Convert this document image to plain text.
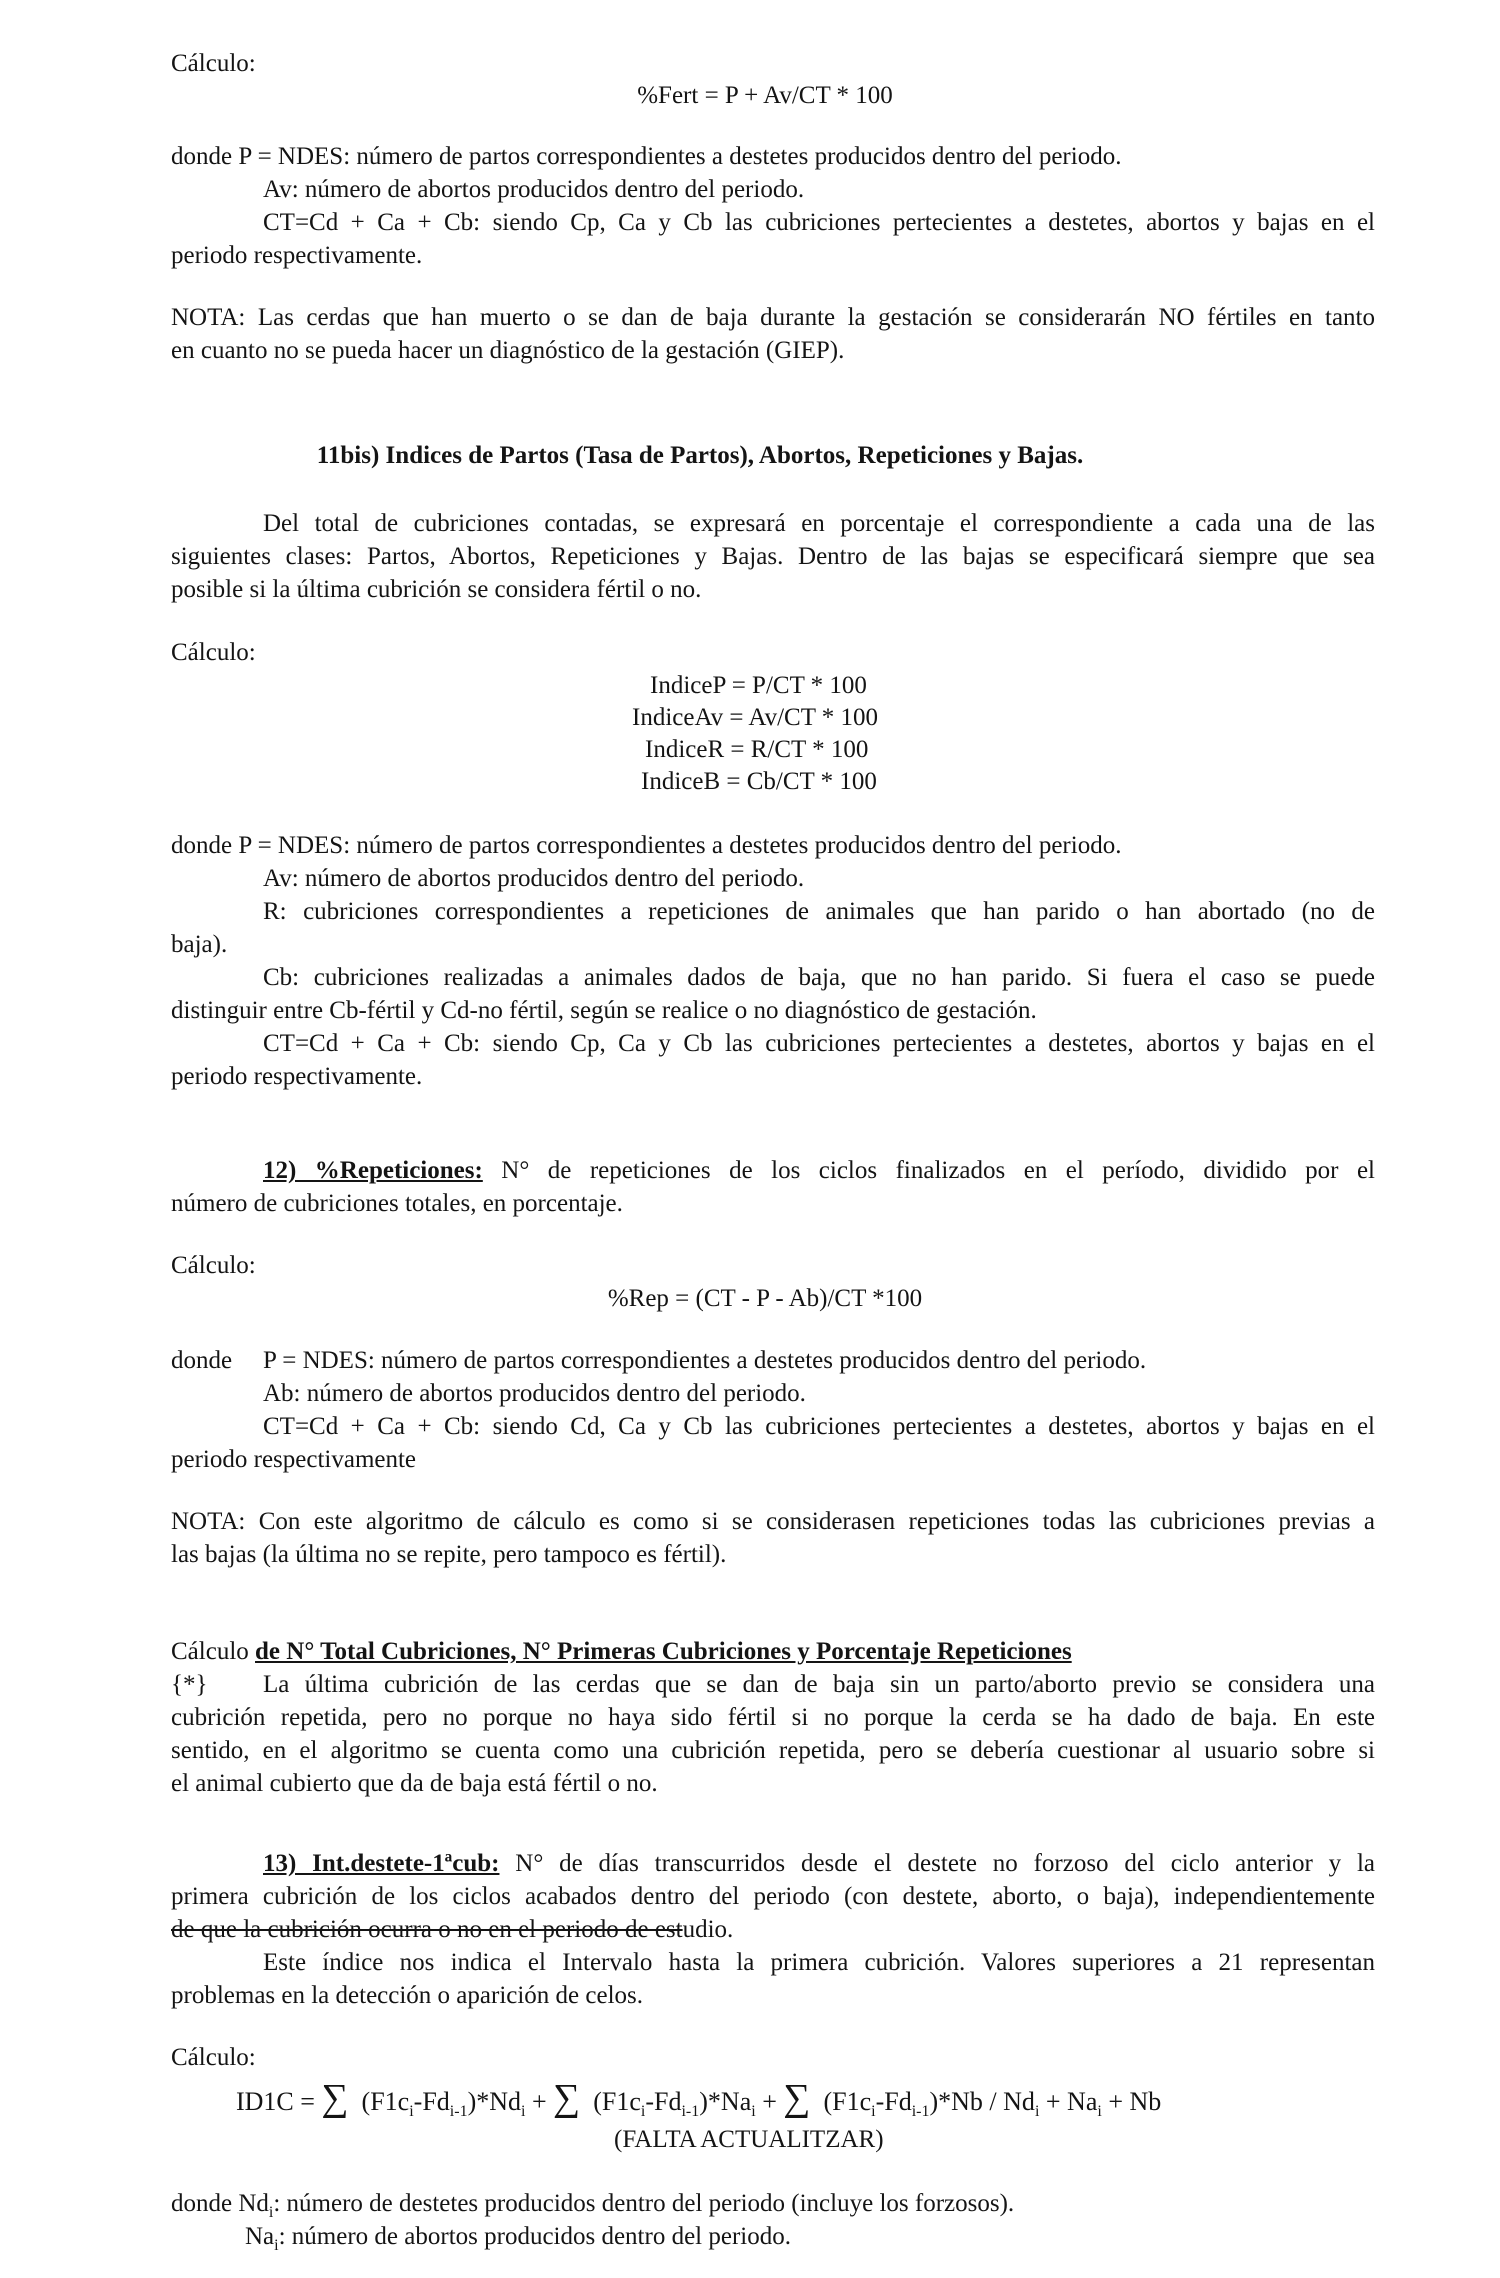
Cálculo:

%Fert = P + Av/CT * 100

donde P = NDES: número de partos correspondientes a destetes producidos dentro del periodo.

Av: número de abortos producidos dentro del periodo.

CT=Cd + Ca + Cb: siendo Cp, Ca y Cb las cubriciones pertecientes a destetes, abortos y bajas en el

periodo respectivamente.

NOTA: Las cerdas que han muerto o se dan de baja durante la gestación se considerarán NO fértiles en tanto

en cuanto no se pueda hacer un diagnóstico de la gestación (GIEP).

11bis) Indices de Partos (Tasa de Partos), Abortos, Repeticiones y Bajas.

Del total de cubriciones contadas, se expresará en porcentaje el correspondiente a cada una de las

siguientes clases: Partos, Abortos, Repeticiones y Bajas. Dentro de las bajas se especificará siempre que sea

posible si la última cubrición se considera fértil o no.

Cálculo:

IndiceP = P/CT * 100

IndiceAv = Av/CT * 100

IndiceR = R/CT * 100

IndiceB = Cb/CT * 100

donde P = NDES: número de partos correspondientes a destetes producidos dentro del periodo.

Av: número de abortos producidos dentro del periodo.

R: cubriciones correspondientes a repeticiones de animales que han parido o han abortado (no de

baja).

Cb: cubriciones realizadas a animales dados de baja, que no han parido. Si fuera el caso se puede

distinguir entre Cb-fértil y Cd-no fértil, según se realice o no diagnóstico de gestación.

CT=Cd + Ca + Cb: siendo Cp, Ca y Cb las cubriciones pertecientes a destetes, abortos y bajas en el

periodo respectivamente.

12) %Repeticiones: N° de repeticiones de los ciclos finalizados en el período, dividido por el

número de cubriciones totales, en porcentaje.

Cálculo:

%Rep = (CT - P - Ab)/CT *100

donde P = NDES: número de partos correspondientes a destetes producidos dentro del periodo.

Ab: número de abortos producidos dentro del periodo.

CT=Cd + Ca + Cb: siendo Cd, Ca y Cb las cubriciones pertecientes a destetes, abortos y bajas en el

periodo respectivamente

NOTA: Con este algoritmo de cálculo es como si se considerasen repeticiones todas las cubriciones previas a

las bajas (la última no se repite, pero tampoco es fértil).

Cálculo de N° Total Cubriciones, N° Primeras Cubriciones y Porcentaje Repeticiones

{*} La última cubrición de las cerdas que se dan de baja sin un parto/aborto previo se considera una

cubrición repetida, pero no porque no haya sido fértil si no porque la cerda se ha dado de baja. En este

sentido, en el algoritmo se cuenta como una cubrición repetida, pero se debería cuestionar al usuario sobre si

el animal cubierto que da de baja está fértil o no.

13) Int.destete-1ªcub: N° de días transcurridos desde el destete no forzoso del ciclo anterior y la

primera cubrición de los ciclos acabados dentro del periodo (con destete, aborto, o baja), independientemente

de que la cubrición ocurra o no en el periodo de estudio.

Este índice nos indica el Intervalo hasta la primera cubrición. Valores superiores a 21 representan

problemas en la detección o aparición de celos.

Cálculo:

ID1C = ∑ $(F1c_i-Fd_{i-1})*Nd_i$ + ∑ $(F1c_i-Fd_{i-1})*Na_i$ + ∑ $(F1c_i-Fd_{i-1})*Nb / Nd_i + Na_i + Nb$

(FALTA ACTUALITZAR)

donde $Nd_i$: número de destetes producidos dentro del periodo (incluye los forzosos).

$Na_i$: número de abortos producidos dentro del periodo.
